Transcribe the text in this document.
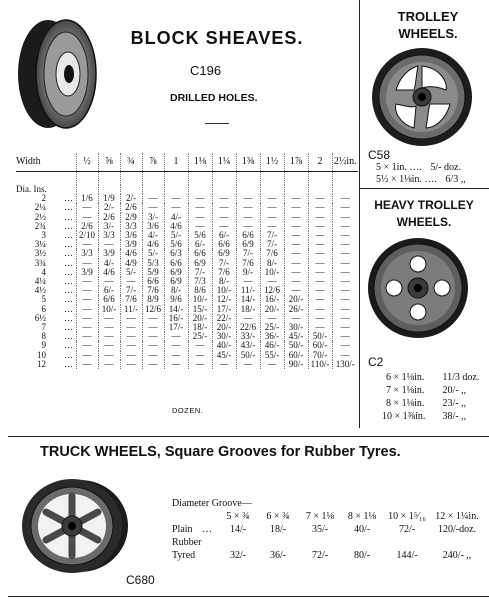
BLOCK SHEAVES.
C196
DRILLED HOLES.
Width		½	⅝	¾	⅞	1	1⅛	1¼	1⅜	1½	1⅞	2	2½in.

Dia. Ins.													
2	…	1/6	1/9	2/-	—	—	—	—	—	—	—	—	—
2¼	…	—	2/-	2/6	—	—	—	—	—	—	—	—	—
2½	…	—	2/6	2/9	3/-	4/-	—	—	—	—	—	—	—
2¾	…	2/6	3/-	3/3	3/6	4/6	—	—	—	—	—	—	—
3	…	2/10	3/3	3/6	4/-	5/-	5/6	6/-	6/6	7/-	—	—	—
3¼	…	—	—	3/9	4/6	5/6	6/-	6/6	6/9	7/-	—	—	—
3½	…	3/3	3/9	4/6	5/-	6/3	6/6	6/9	7/-	7/6	—	—	—
3¾	…	—	4/-	4/9	5/3	6/6	6/9	7/-	7/6	8/-	—	—	—
4	…	3/9	4/6	5/-	5/9	6/9	7/-	7/6	9/-	10/-	—	—	—
4¼	…	—	—	—	6/6	6/9	7/3	8/-	—	—	—	—	—
4½	…	—	6/-	7/-	7/6	8/-	8/6	10/-	11/-	12/6	—	—	—
5	…	—	6/6	7/6	8/9	9/6	10/-	12/-	14/-	16/-	20/-	—	—
6	…	—	10/-	11/-	12/6	14/-	15/-	17/-	18/-	20/-	26/-	—	—
6½	…	—	—	—	—	16/-	20/-	22/-	—	—	—	—	—
7	…	—	—	—	—	17/-	18/-	20/-	22/6	25/-	30/-	—	—
8	…	—	—	—	—	—	25/-	30/-	33/-	36/-	45/-	50/-	—
9	…	—	—	—	—	—	—	40/-	43/-	46/-	50/-	60/-	—
10	…	—	—	—	—	—	—	45/-	50/-	55/-	60/-	70/-	—
12	…	—	—	—	—	—	—	—	—	—	90/-	110/-	130/-
DOZEN.
TROLLEY
WHEELS.
C58
5 × 1in. …. 5/- doz.
5½ × 1⅛in. …. 6/3 ,,
HEAVY TROLLEY
WHEELS.
C2
6 × 1⅛in. 11/3 doz.
7 × 1⅛in. 20/- ,,
8 × 1⅛in. 23/- ,,
10 × 1⅜in. 38/- ,,
TRUCK WHEELS, Square Grooves for Rubber Tyres.
C680
Diameter Groove—
5 × ¾	6 × ¾	7 × 1⅛	8 × 1⅛	10 × 1⁵⁄₁₆ 12 × 1¼in.
Plain …	14/-	18/-	35/-	40/-	72/-	120/-doz.
Rubber
Tyred	32/-	36/-	72/-	80/-	144/-	240/- ,,
